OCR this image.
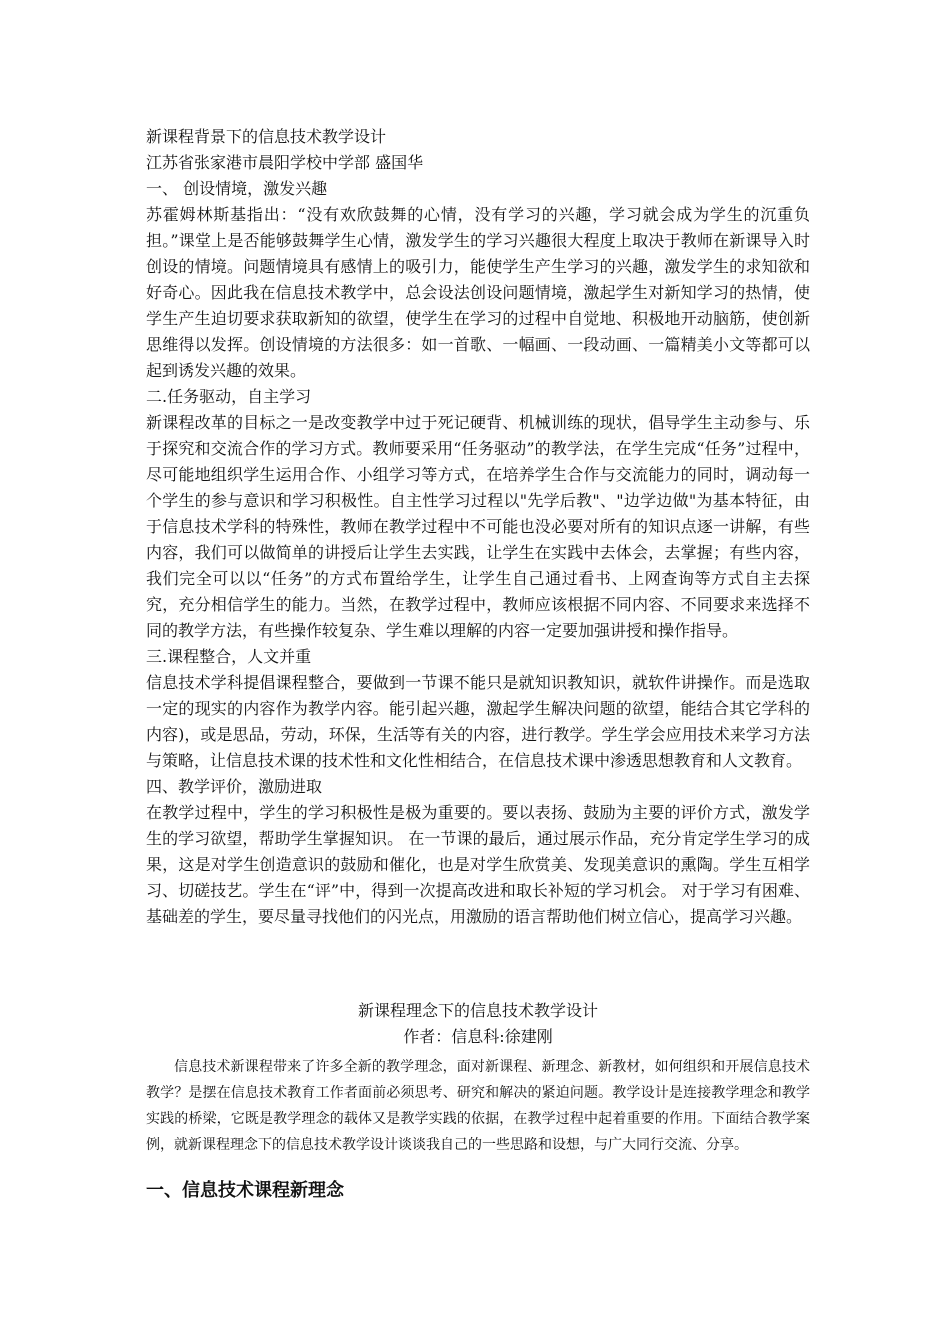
新课程背景下的信息技术教学设计

江苏省张家港市晨阳学校中学部 盛国华

一、 创设情境，激发兴趣

苏霍姆林斯基指出：“没有欢欣鼓舞的心情，没有学习的兴趣，学习就会成为学生的沉重负担。”课堂上是否能够鼓舞学生心情，激发学生的学习兴趣很大程度上取决于教师在新课导入时创设的情境。问题情境具有感情上的吸引力，能使学生产生学习的兴趣，激发学生的求知欲和好奇心。因此我在信息技术教学中，总会设法创设问题情境，激起学生对新知学习的热情，使学生产生迫切要求获取新知的欲望，使学生在学习的过程中自觉地、积极地开动脑筋，使创新思维得以发挥。创设情境的方法很多：如一首歌、一幅画、一段动画、一篇精美小文等都可以起到诱发兴趣的效果。

二.任务驱动，自主学习

新课程改革的目标之一是改变教学中过于死记硬背、机械训练的现状，倡导学生主动参与、乐于探究和交流合作的学习方式。教师要采用“任务驱动”的教学法，在学生完成“任务”过程中，尽可能地组织学生运用合作、小组学习等方式，在培养学生合作与交流能力的同时，调动每一个学生的参与意识和学习积极性。自主性学习过程以"先学后教"、"边学边做"为基本特征，由于信息技术学科的特殊性，教师在教学过程中不可能也没必要对所有的知识点逐一讲解，有些内容，我们可以做简单的讲授后让学生去实践，让学生在实践中去体会，去掌握；有些内容，我们完全可以以“任务”的方式布置给学生，让学生自己通过看书、上网查询等方式自主去探究，充分相信学生的能力。当然，在教学过程中，教师应该根据不同内容、不同要求来选择不同的教学方法，有些操作较复杂、学生难以理解的内容一定要加强讲授和操作指导。

三.课程整合，人文并重

信息技术学科提倡课程整合，要做到一节课不能只是就知识教知识，就软件讲操作。而是选取一定的现实的内容作为教学内容。能引起兴趣，激起学生解决问题的欲望，能结合其它学科的内容)，或是思品，劳动，环保，生活等有关的内容，进行教学。学生学会应用技术来学习方法与策略，让信息技术课的技术性和文化性相结合，在信息技术课中渗透思想教育和人文教育。

四、教学评价，激励进取

在教学过程中，学生的学习积极性是极为重要的。要以表扬、鼓励为主要的评价方式，激发学生的学习欲望，帮助学生掌握知识。 在一节课的最后，通过展示作品，充分肯定学生学习的成果，这是对学生创造意识的鼓励和催化，也是对学生欣赏美、发现美意识的熏陶。学生互相学习、切磋技艺。学生在“评”中，得到一次提高改进和取长补短的学习机会。 对于学习有困难、基础差的学生，要尽量寻找他们的闪光点，用激励的语言帮助他们树立信心，提高学习兴趣。

新课程理念下的信息技术教学设计

作者：信息科:徐建刚

信息技术新课程带来了许多全新的教学理念，面对新课程、新理念、新教材，如何组织和开展信息技术教学？是摆在信息技术教育工作者面前必须思考、研究和解决的紧迫问题。教学设计是连接教学理念和教学实践的桥梁，它既是教学理念的载体又是教学实践的依据，在教学过程中起着重要的作用。下面结合教学案例，就新课程理念下的信息技术教学设计谈谈我自己的一些思路和设想，与广大同行交流、分享。

一、信息技术课程新理念
